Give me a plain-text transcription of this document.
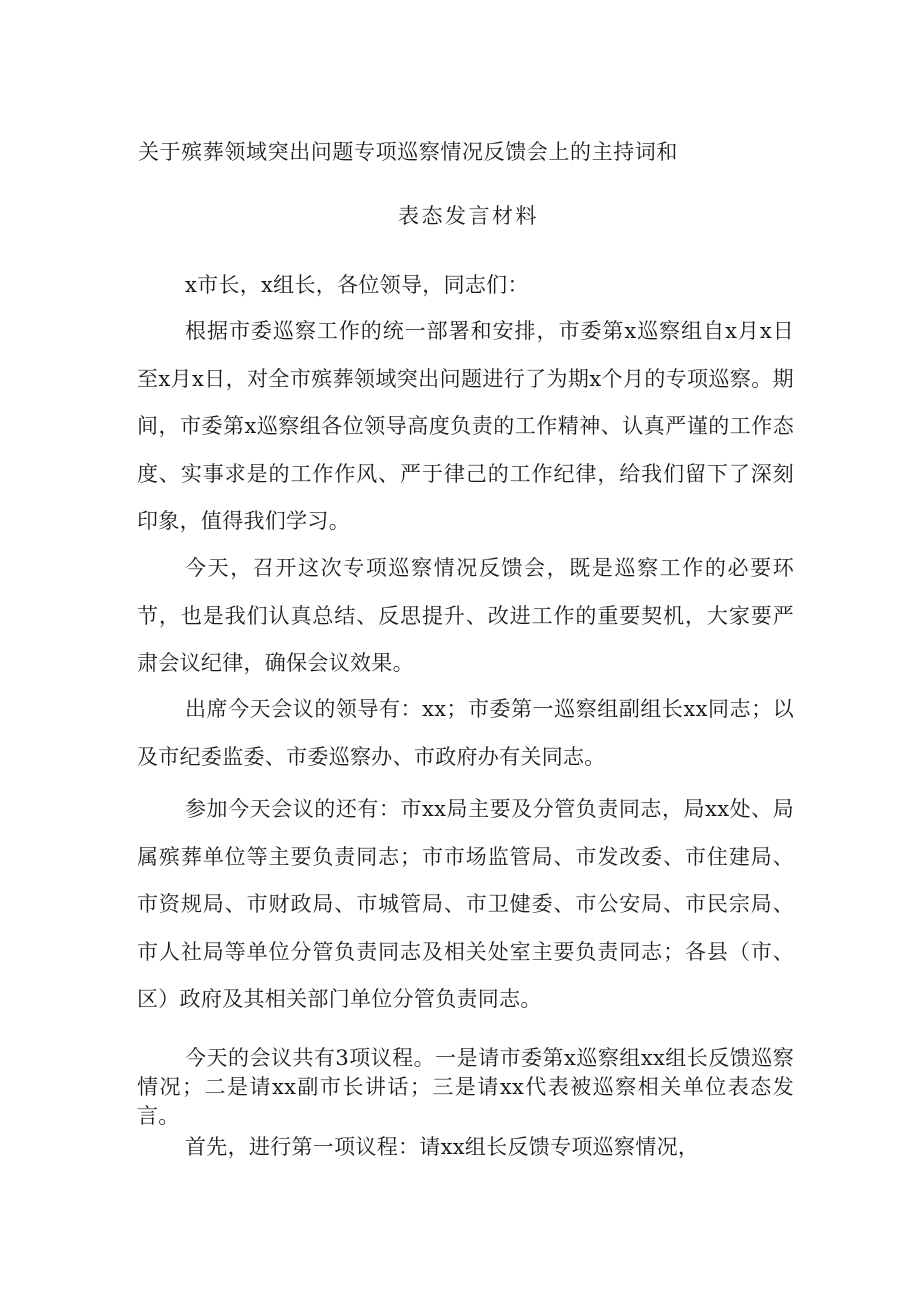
关于殡葬领域突出问题专项巡察情况反馈会上的主持词和
表态发言材料

x市长，x组长，各位领导，同志们：

根据市委巡察工作的统一部署和安排，市委第x巡察组自x月x日至x月x日，对全市殡葬领域突出问题进行了为期x个月的专项巡察。期间，市委第x巡察组各位领导高度负责的工作精神、认真严谨的工作态度、实事求是的工作作风、严于律己的工作纪律，给我们留下了深刻印象，值得我们学习。

今天，召开这次专项巡察情况反馈会，既是巡察工作的必要环节，也是我们认真总结、反思提升、改进工作的重要契机，大家要严肃会议纪律，确保会议效果。

出席今天会议的领导有：xx；市委第一巡察组副组长xx同志；以及市纪委监委、市委巡察办、市政府办有关同志。

参加今天会议的还有：市xx局主要及分管负责同志，局xx处、局属殡葬单位等主要负责同志；市市场监管局、市发改委、市住建局、市资规局、市财政局、市城管局、市卫健委、市公安局、市民宗局、市人社局等单位分管负责同志及相关处室主要负责同志；各县（市、区）政府及其相关部门单位分管负责同志。

今天的会议共有3项议程。一是请市委第x巡察组xx组长反馈巡察情况；二是请xx副市长讲话；三是请xx代表被巡察相关单位表态发言。

首先，进行第一项议程：请xx组长反馈专项巡察情况，
